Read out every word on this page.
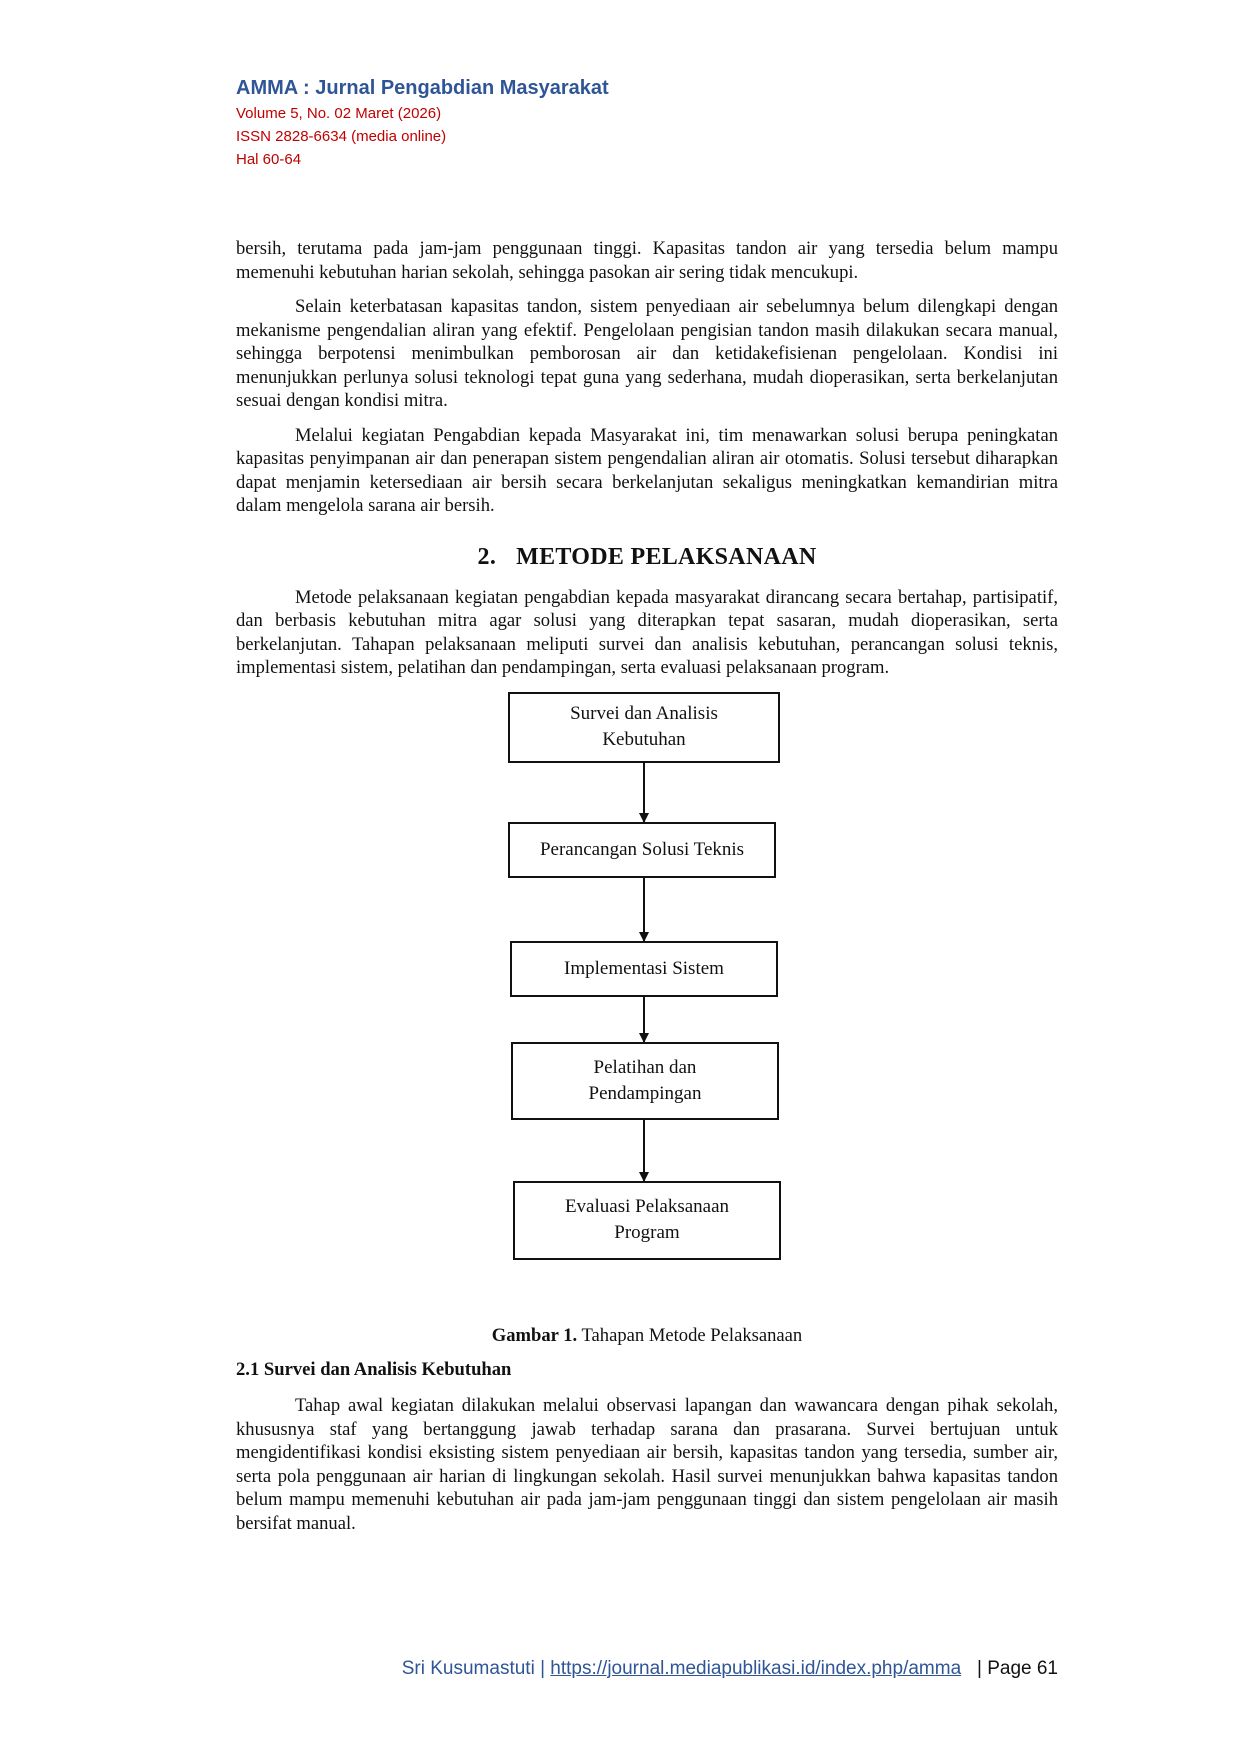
AMMA : Jurnal Pengabdian Masyarakat
Volume 5, No. 02 Maret (2026)
ISSN 2828-6634 (media online)
Hal 60-64

bersih, terutama pada jam-jam penggunaan tinggi. Kapasitas tandon air yang tersedia belum mampu memenuhi kebutuhan harian sekolah, sehingga pasokan air sering tidak mencukupi.

Selain keterbatasan kapasitas tandon, sistem penyediaan air sebelumnya belum dilengkapi dengan mekanisme pengendalian aliran yang efektif. Pengelolaan pengisian tandon masih dilakukan secara manual, sehingga berpotensi menimbulkan pemborosan air dan ketidakefisienan pengelolaan. Kondisi ini menunjukkan perlunya solusi teknologi tepat guna yang sederhana, mudah dioperasikan, serta berkelanjutan sesuai dengan kondisi mitra.

Melalui kegiatan Pengabdian kepada Masyarakat ini, tim menawarkan solusi berupa peningkatan kapasitas penyimpanan air dan penerapan sistem pengendalian aliran air otomatis. Solusi tersebut diharapkan dapat menjamin ketersediaan air bersih secara berkelanjutan sekaligus meningkatkan kemandirian mitra dalam mengelola sarana air bersih.

2. METODE PELAKSANAAN

Metode pelaksanaan kegiatan pengabdian kepada masyarakat dirancang secara bertahap, partisipatif, dan berbasis kebutuhan mitra agar solusi yang diterapkan tepat sasaran, mudah dioperasikan, serta berkelanjutan. Tahapan pelaksanaan meliputi survei dan analisis kebutuhan, perancangan solusi teknis, implementasi sistem, pelatihan dan pendampingan, serta evaluasi pelaksanaan program.

Survei dan Analisis
Kebutuhan
Perancangan Solusi Teknis
Implementasi Sistem
Pelatihan dan
Pendampingan
Evaluasi Pelaksanaan
Program
Gambar 1. Tahapan Metode Pelaksanaan
2.1 Survei dan Analisis Kebutuhan

Tahap awal kegiatan dilakukan melalui observasi lapangan dan wawancara dengan pihak sekolah, khususnya staf yang bertanggung jawab terhadap sarana dan prasarana. Survei bertujuan untuk mengidentifikasi kondisi eksisting sistem penyediaan air bersih, kapasitas tandon yang tersedia, sumber air, serta pola penggunaan air harian di lingkungan sekolah. Hasil survei menunjukkan bahwa kapasitas tandon belum mampu memenuhi kebutuhan air pada jam-jam penggunaan tinggi dan sistem pengelolaan air masih bersifat manual.

Sri Kusumastuti | https://journal.mediapublikasi.id/index.php/amma | Page 61
